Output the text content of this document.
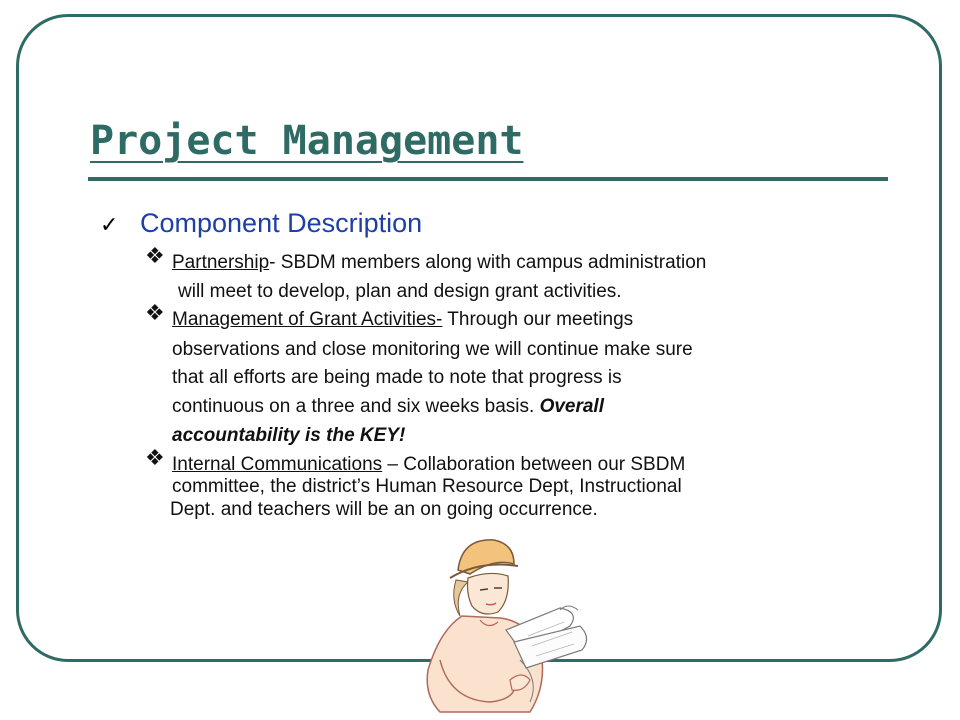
Project Management
✓ Component Description
❖ Partnership- SBDM members along with campus administration
will meet to develop, plan and design grant activities.
❖ Management of Grant Activities- Through our meetings
observations and close monitoring we will continue make sure
that all efforts are being made to note that progress is
continuous on a three and six weeks basis. Overall
accountability is the KEY!
❖ Internal Communications – Collaboration between our SBDM
committee, the district’s Human Resource Dept, Instructional
Dept. and teachers will be an on going occurrence.
